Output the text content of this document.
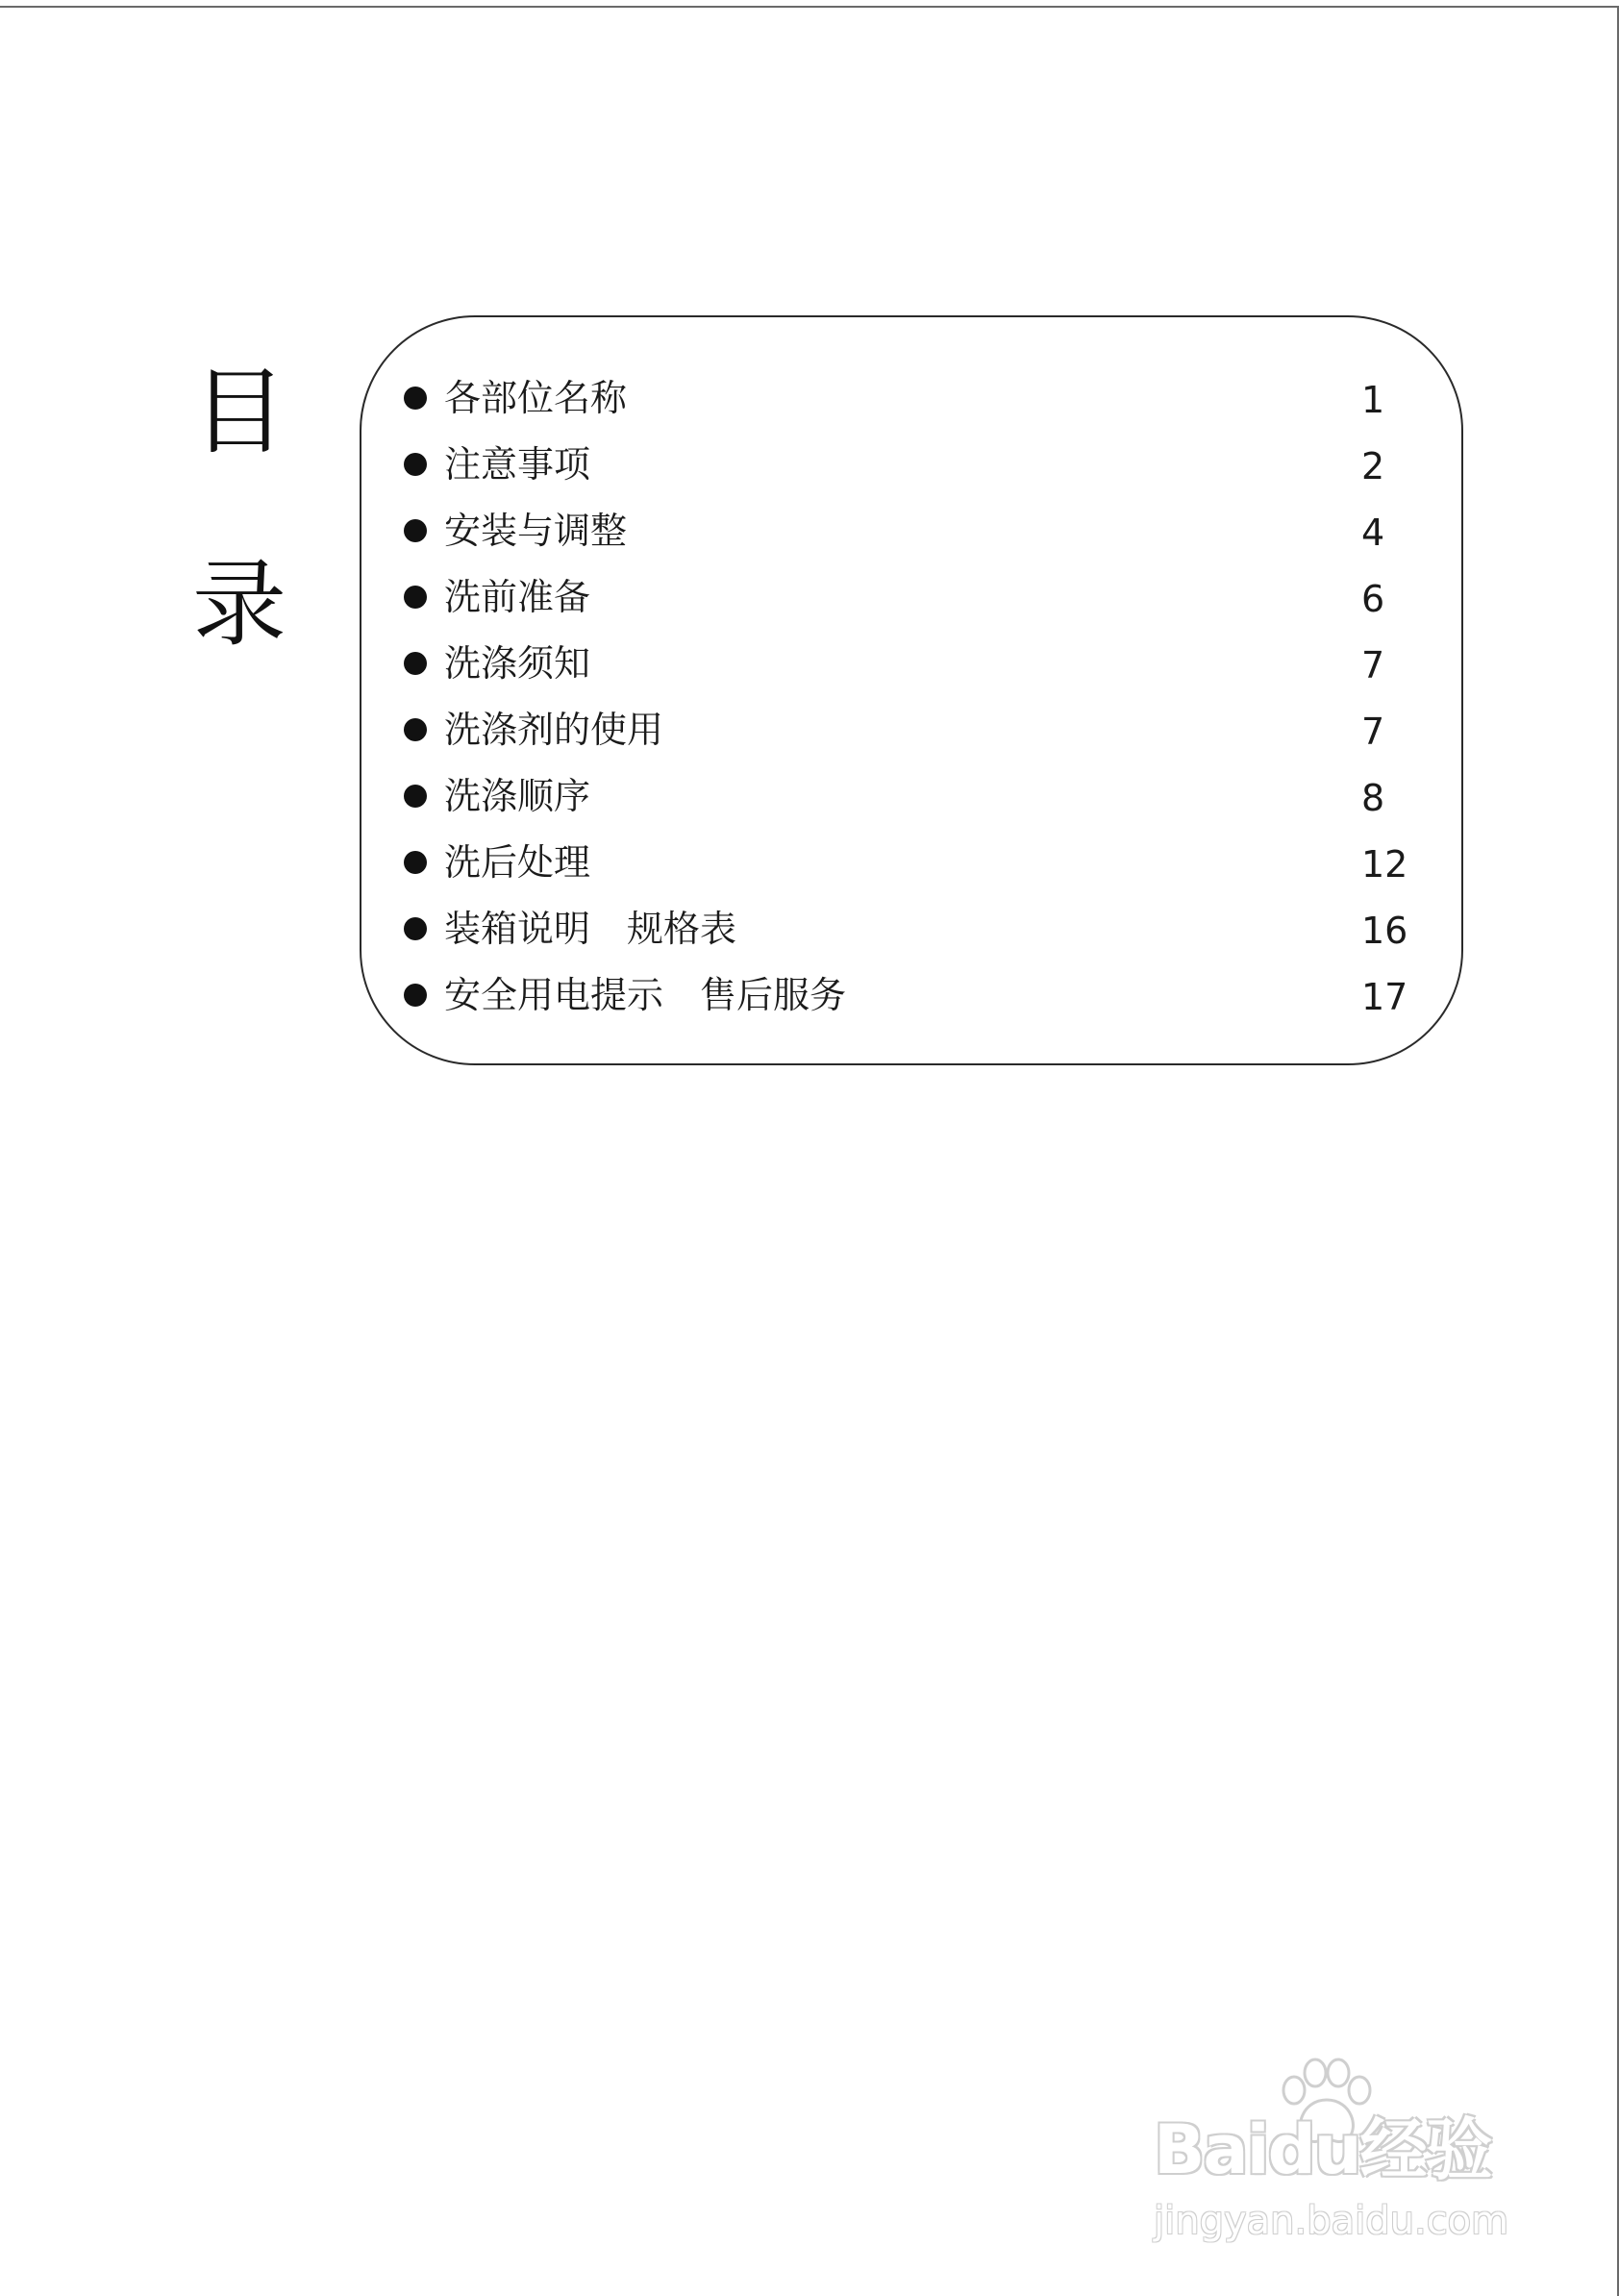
目
录
各部位名称	1
注意事项	2
安装与调整	4
洗前准备	6
洗涤须知	7
洗涤剂的使用	7
洗涤顺序	8
洗后处理	12
装箱说明　规格表	16
安全用电提示　售后服务	17
Baidu经验
jingyan.baidu.com
